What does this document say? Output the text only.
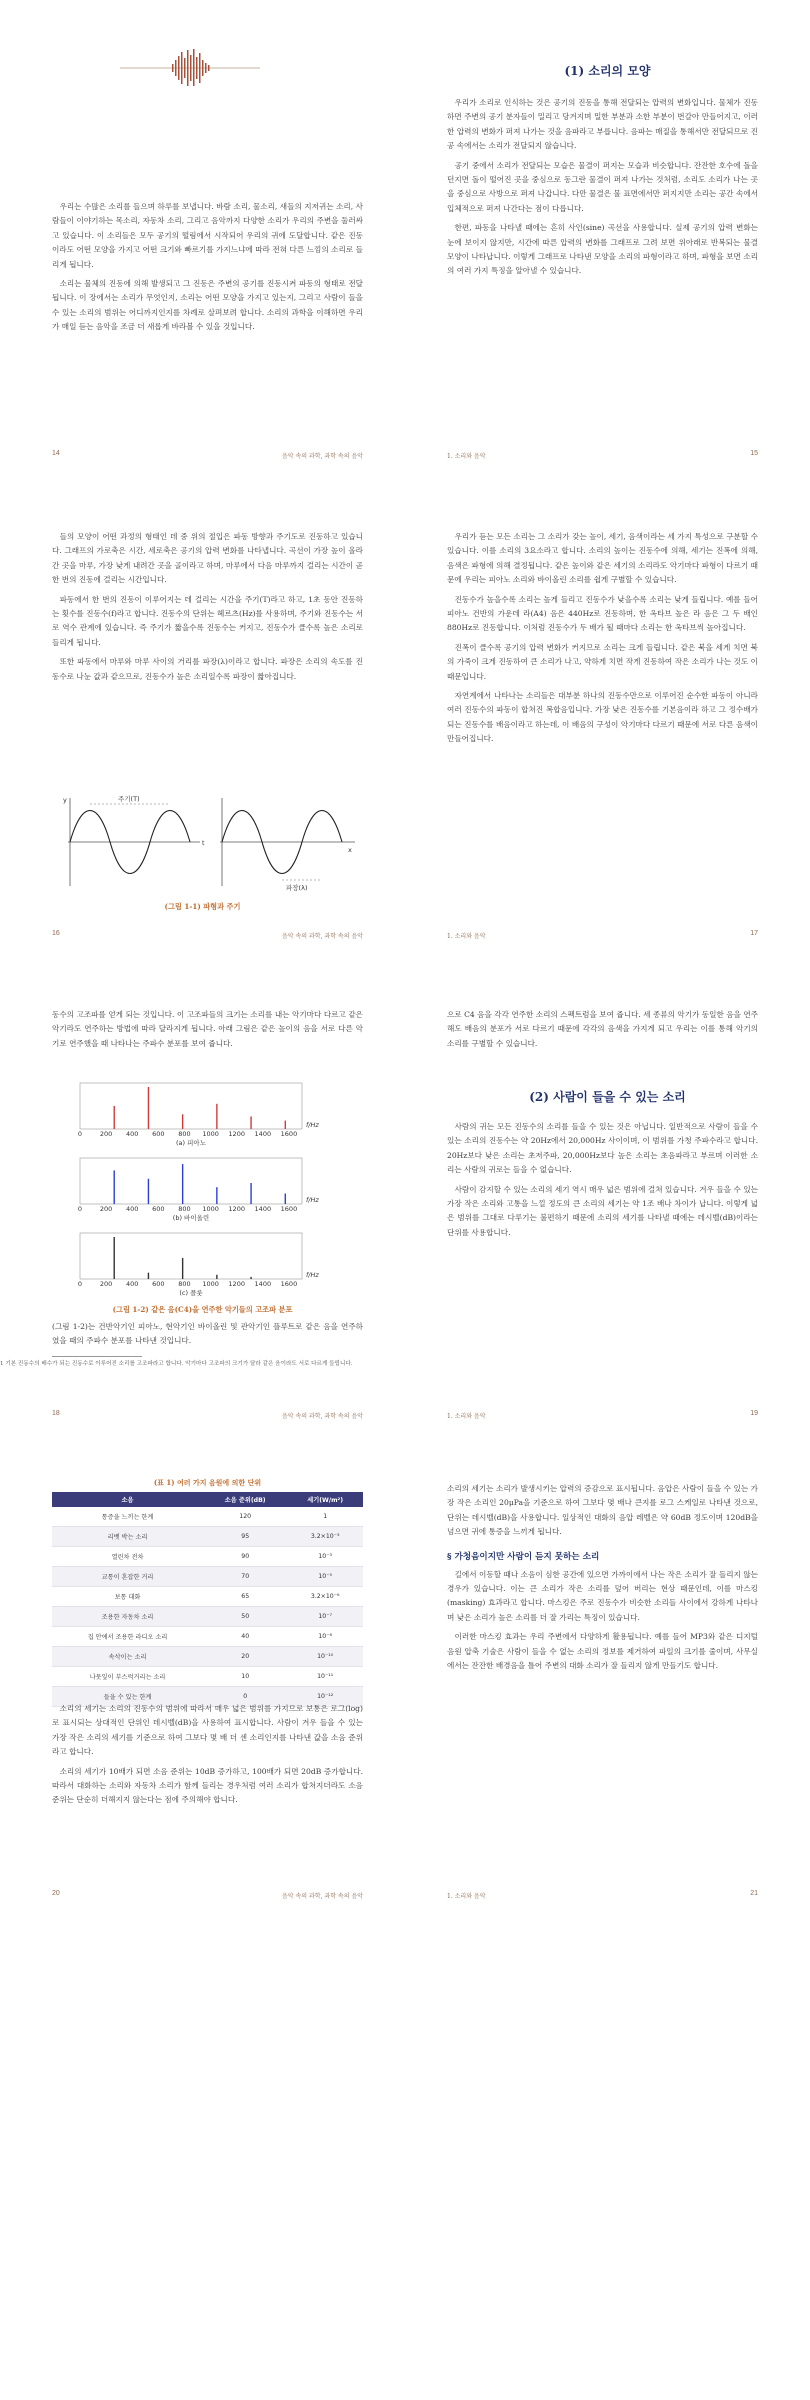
우리는 수많은 소리를 들으며 하루를 보냅니다. 바람 소리, 물소리, 새들의 지저귀는 소리, 사람들이 이야기하는 목소리, 자동차 소리, 그리고 음악까지 다양한 소리가 우리의 주변을 둘러싸고 있습니다. 이 소리들은 모두 공기의 떨림에서 시작되어 우리의 귀에 도달합니다. 같은 진동이라도 어떤 모양을 가지고 어떤 크기와 빠르기를 가지느냐에 따라 전혀 다른 느낌의 소리로 들리게 됩니다.

소리는 물체의 진동에 의해 발생되고 그 진동은 주변의 공기를 진동시켜 파동의 형태로 전달됩니다. 이 장에서는 소리가 무엇인지, 소리는 어떤 모양을 가지고 있는지, 그리고 사람이 들을 수 있는 소리의 범위는 어디까지인지를 차례로 살펴보려 합니다. 소리의 과학을 이해하면 우리가 매일 듣는 음악을 조금 더 새롭게 바라볼 수 있을 것입니다.

14	음악 속의 과학, 과학 속의 음악
(1) 소리의 모양

우리가 소리로 인식하는 것은 공기의 진동을 통해 전달되는 압력의 변화입니다. 물체가 진동하면 주변의 공기 분자들이 밀리고 당겨지며 밀한 부분과 소한 부분이 번갈아 만들어지고, 이러한 압력의 변화가 퍼져 나가는 것을 음파라고 부릅니다. 음파는 매질을 통해서만 전달되므로 진공 속에서는 소리가 전달되지 않습니다.

공기 중에서 소리가 전달되는 모습은 물결이 퍼지는 모습과 비슷합니다. 잔잔한 호수에 돌을 던지면 돌이 떨어진 곳을 중심으로 동그란 물결이 퍼져 나가는 것처럼, 소리도 소리가 나는 곳을 중심으로 사방으로 퍼져 나갑니다. 다만 물결은 물 표면에서만 퍼지지만 소리는 공간 속에서 입체적으로 퍼져 나간다는 점이 다릅니다.

한편, 파동을 나타낼 때에는 흔히 사인(sine) 곡선을 사용합니다. 실제 공기의 압력 변화는 눈에 보이지 않지만, 시간에 따른 압력의 변화를 그래프로 그려 보면 위아래로 반복되는 물결 모양이 나타납니다. 이렇게 그래프로 나타낸 모양을 소리의 파형이라고 하며, 파형을 보면 소리의 여러 가지 특징을 알아낼 수 있습니다.

1. 소리와 음악	15

들의 모양이 어떤 과정의 형태인 데 중 위의 절입은 파동 방향과 주기도로 진동하고 있습니다. 그래프의 가로축은 시간, 세로축은 공기의 압력 변화를 나타냅니다. 곡선이 가장 높이 올라간 곳을 마루, 가장 낮게 내려간 곳을 골이라고 하며, 마루에서 다음 마루까지 걸리는 시간이 곧 한 번의 진동에 걸리는 시간입니다.

파동에서 한 번의 진동이 이루어지는 데 걸리는 시간을 주기(T)라고 하고, 1초 동안 진동하는 횟수를 진동수(f)라고 합니다. 진동수의 단위는 헤르츠(Hz)를 사용하며, 주기와 진동수는 서로 역수 관계에 있습니다. 즉 주기가 짧을수록 진동수는 커지고, 진동수가 클수록 높은 소리로 들리게 됩니다.

또한 파동에서 마루와 마루 사이의 거리를 파장(λ)이라고 합니다. 파장은 소리의 속도를 진동수로 나눈 값과 같으므로, 진동수가 높은 소리일수록 파장이 짧아집니다.

주기(T)
y
t
파장(λ)
x
(그림 1-1) 파형과 주기
16	음악 속의 과학, 과학 속의 음악

우리가 듣는 모든 소리는 그 소리가 갖는 높이, 세기, 음색이라는 세 가지 특성으로 구분할 수 있습니다. 이를 소리의 3요소라고 합니다. 소리의 높이는 진동수에 의해, 세기는 진폭에 의해, 음색은 파형에 의해 결정됩니다. 같은 높이와 같은 세기의 소리라도 악기마다 파형이 다르기 때문에 우리는 피아노 소리와 바이올린 소리를 쉽게 구별할 수 있습니다.

진동수가 높을수록 소리는 높게 들리고 진동수가 낮을수록 소리는 낮게 들립니다. 예를 들어 피아노 건반의 가운데 라(A4) 음은 440Hz로 진동하며, 한 옥타브 높은 라 음은 그 두 배인 880Hz로 진동합니다. 이처럼 진동수가 두 배가 될 때마다 소리는 한 옥타브씩 높아집니다.

진폭이 클수록 공기의 압력 변화가 커지므로 소리는 크게 들립니다. 같은 북을 세게 치면 북의 가죽이 크게 진동하여 큰 소리가 나고, 약하게 치면 작게 진동하여 작은 소리가 나는 것도 이 때문입니다.

자연계에서 나타나는 소리들은 대부분 하나의 진동수만으로 이루어진 순수한 파동이 아니라 여러 진동수의 파동이 합쳐진 복합음입니다. 가장 낮은 진동수를 기본음이라 하고 그 정수배가 되는 진동수를 배음이라고 하는데, 이 배음의 구성이 악기마다 다르기 때문에 서로 다른 음색이 만들어집니다.

1. 소리와 음악	17

동수의 고조파를 얻게 되는 것입니다. 이 고조파들의 크기는 소리를 내는 악기마다 다르고 같은 악기라도 연주하는 방법에 따라 달라지게 됩니다. 아래 그림은 같은 높이의 음을 서로 다른 악기로 연주했을 때 나타나는 주파수 분포를 보여 줍니다.

0	200 400 600 800 1000 1200 1400 1600
f/Hz
(a) 피아노
0	200 400 600 800 1000 1200 1400 1600
f/Hz
(b) 바이올린
0	200 400 600 800 1000 1200 1400 1600
f/Hz
(c) 플룻
(그림 1-2) 같은 음(C4)을 연주한 악기들의 고조파 분포

(그림 1-2)는 건반악기인 피아노, 현악기인 바이올린 및 관악기인 플루트로 같은 음을 연주하였을 때의 주파수 분포를 나타낸 것입니다.

1 기본 진동수의 배수가 되는 진동수로 이루어진 소리를 고조파라고 합니다. 악기마다 고조파의 크기가 달라 같은 음이라도 서로 다르게 들립니다.
18	음악 속의 과학, 과학 속의 음악

으로 C4 음을 각각 연주한 소리의 스펙트럼을 보여 줍니다. 세 종류의 악기가 동일한 음을 연주해도 배음의 분포가 서로 다르기 때문에 각각의 음색을 가지게 되고 우리는 이를 통해 악기의 소리를 구별할 수 있습니다.

(2) 사람이 들을 수 있는 소리

사람의 귀는 모든 진동수의 소리를 들을 수 있는 것은 아닙니다. 일반적으로 사람이 들을 수 있는 소리의 진동수는 약 20Hz에서 20,000Hz 사이이며, 이 범위를 가청 주파수라고 합니다. 20Hz보다 낮은 소리는 초저주파, 20,000Hz보다 높은 소리는 초음파라고 부르며 이러한 소리는 사람의 귀로는 들을 수 없습니다.

사람이 감지할 수 있는 소리의 세기 역시 매우 넓은 범위에 걸쳐 있습니다. 겨우 들을 수 있는 가장 작은 소리와 고통을 느낄 정도의 큰 소리의 세기는 약 1조 배나 차이가 납니다. 이렇게 넓은 범위를 그대로 다루기는 불편하기 때문에 소리의 세기를 나타낼 때에는 데시벨(dB)이라는 단위를 사용합니다.

1. 소리와 음악	19
(표 1) 여러 가지 음원에 의한 단위
소음	소음 준위(dB)	세기(W/m²)
통증을 느끼는 한계	120	1
리벳 박는 소리	95	3.2×10⁻³
열린차 전차	90	10⁻³
교통이 혼잡한 거리	70	10⁻⁵
보통 대화	65	3.2×10⁻⁶
조용한 자동차 소리	50	10⁻⁷
집 안에서 조용한 라디오 소리	40	10⁻⁸
속삭이는 소리	20	10⁻¹⁰
나뭇잎이 부스럭거리는 소리	10	10⁻¹¹
들을 수 있는 한계	0	10⁻¹²

소리의 세기는 소리의 진동수의 범위에 따라서 매우 넓은 범위를 가지므로 보통은 로그(log)로 표시되는 상대적인 단위인 데시벨(dB)을 사용하여 표시합니다. 사람이 겨우 들을 수 있는 가장 작은 소리의 세기를 기준으로 하여 그보다 몇 배 더 센 소리인지를 나타낸 값을 소음 준위라고 합니다.

소리의 세기가 10배가 되면 소음 준위는 10dB 증가하고, 100배가 되면 20dB 증가합니다. 따라서 대화하는 소리와 자동차 소리가 함께 들리는 경우처럼 여러 소리가 합쳐지더라도 소음 준위는 단순히 더해지지 않는다는 점에 주의해야 합니다.

20	음악 속의 과학, 과학 속의 음악

소리의 세기는 소리가 발생시키는 압력의 증감으로 표시됩니다. 음압은 사람이 들을 수 있는 가장 작은 소리인 20μPa을 기준으로 하여 그보다 몇 배나 큰지를 로그 스케일로 나타낸 것으로, 단위는 데시벨(dB)을 사용합니다. 일상적인 대화의 음압 레벨은 약 60dB 정도이며 120dB을 넘으면 귀에 통증을 느끼게 됩니다.

§ 가청음이지만 사람이 듣지 못하는 소리

길에서 이동할 때나 소음이 심한 공간에 있으면 가까이에서 나는 작은 소리가 잘 들리지 않는 경우가 있습니다. 이는 큰 소리가 작은 소리를 덮어 버리는 현상 때문인데, 이를 마스킹(masking) 효과라고 합니다. 마스킹은 주로 진동수가 비슷한 소리들 사이에서 강하게 나타나며 낮은 소리가 높은 소리를 더 잘 가리는 특징이 있습니다.

이러한 마스킹 효과는 우리 주변에서 다양하게 활용됩니다. 예를 들어 MP3와 같은 디지털 음원 압축 기술은 사람이 들을 수 없는 소리의 정보를 제거하여 파일의 크기를 줄이며, 사무실에서는 잔잔한 배경음을 틀어 주변의 대화 소리가 잘 들리지 않게 만들기도 합니다.

1. 소리와 음악	21
